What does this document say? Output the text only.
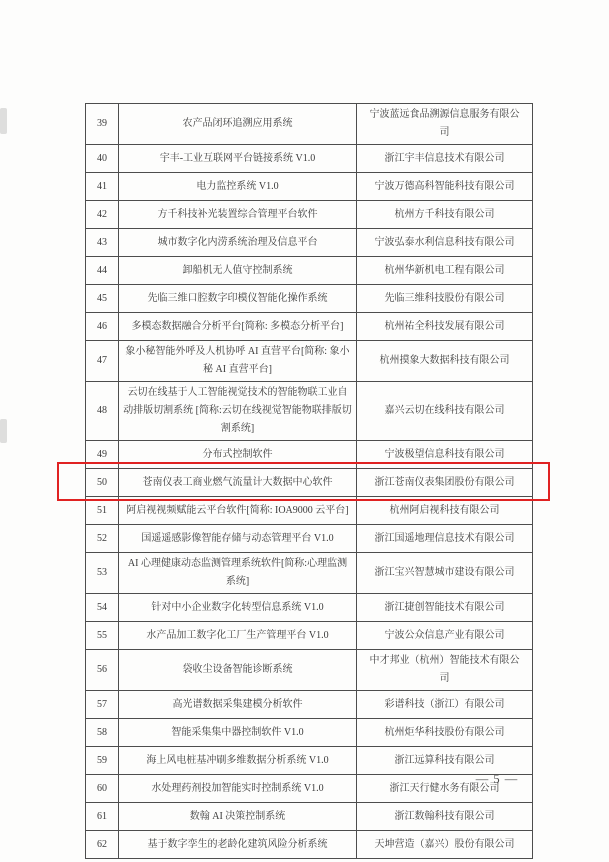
39	农产品闭环追溯应用系统	宁波蓝远食品溯源信息服务有限公司
40	宇丰-工业互联网平台链接系统 V1.0	浙江宇丰信息技术有限公司
41	电力监控系统 V1.0	宁波万德高科智能科技有限公司
42	方千科技补光装置综合管理平台软件	杭州方千科技有限公司
43	城市数字化内涝系统治理及信息平台	宁波弘泰水利信息科技有限公司
44	卸船机无人值守控制系统	杭州华新机电工程有限公司
45	先临三维口腔数字印模仪智能化操作系统	先临三维科技股份有限公司
46	多模态数据融合分析平台[简称: 多模态分析平台]	杭州祐全科技发展有限公司
47	象小秘智能外呼及人机协呼 AI 直营平台[简称: 象小秘 AI 直营平台]	杭州摸象大数据科技有限公司
48	云切在线基于人工智能视觉技术的智能物联工业自动排版切割系统 [简称:云切在线视觉智能物联排版切割系统]	嘉兴云切在线科技有限公司
49	分布式控制软件	宁波极望信息科技有限公司
50	苍南仪表工商业燃气流量计大数据中心软件	浙江苍南仪表集团股份有限公司
51	阿启视视频赋能云平台软件[简称: IOA9000 云平台]	杭州阿启视科技有限公司
52	国遥遥感影像智能存储与动态管理平台 V1.0	浙江国遥地理信息技术有限公司
53	AI 心理健康动态监测管理系统软件[简称:心理监测系统]	浙江宝兴智慧城市建设有限公司
54	针对中小企业数字化转型信息系统 V1.0	浙江捷创智能技术有限公司
55	水产品加工数字化工厂生产管理平台 V1.0	宁波公众信息产业有限公司
56	袋收尘设备智能诊断系统	中才邦业（杭州）智能技术有限公司
57	高光谱数据采集建模分析软件	彩谱科技（浙江）有限公司
58	智能采集集中器控制软件 V1.0	杭州炬华科技股份有限公司
59	海上风电桩基冲刷多维数据分析系统 V1.0	浙江远算科技有限公司
60	水处理药剂投加智能实时控制系统 V1.0	浙江天行健水务有限公司
61	数翰 AI 决策控制系统	浙江数翰科技有限公司
62	基于数字孪生的老龄化建筑风险分析系统	天坤营造（嘉兴）股份有限公司
— 5 —
